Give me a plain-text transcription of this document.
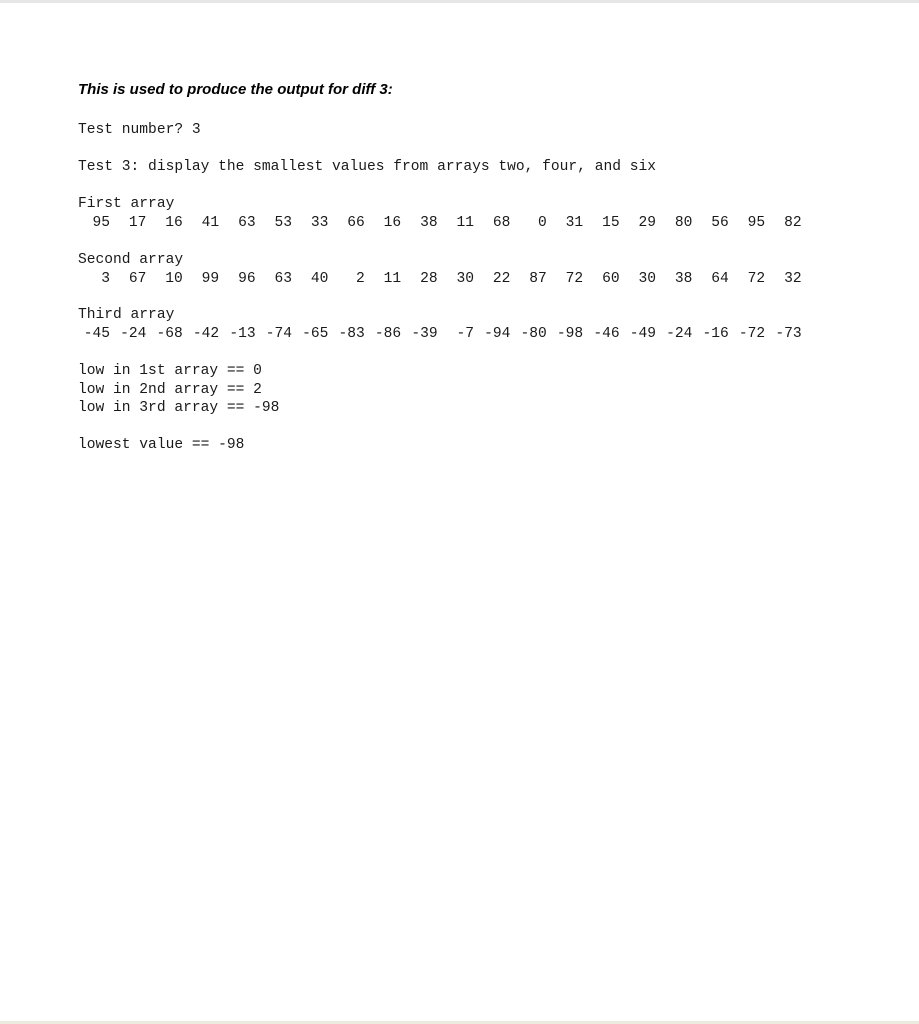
This is used to produce the output for diff 3:

Test number? 3

Test 3: display the smallest values from arrays two, four, and six

First array

95	17	16	41	63	53	33	66	16	38	11	68	0	31	15	29	80	56	95	82

Second array

3	67	10	99	96	63	40	2	11	28	30	22	87	72	60	30	38	64	72	32

Third array

-45 -24 -68 -42 -13 -74 -65 -83 -86 -39	-7 -94 -80 -98 -46 -49 -24 -16 -72 -73

low in 1st array == 0

low in 2nd array == 2

low in 3rd array == -98

lowest value == -98
